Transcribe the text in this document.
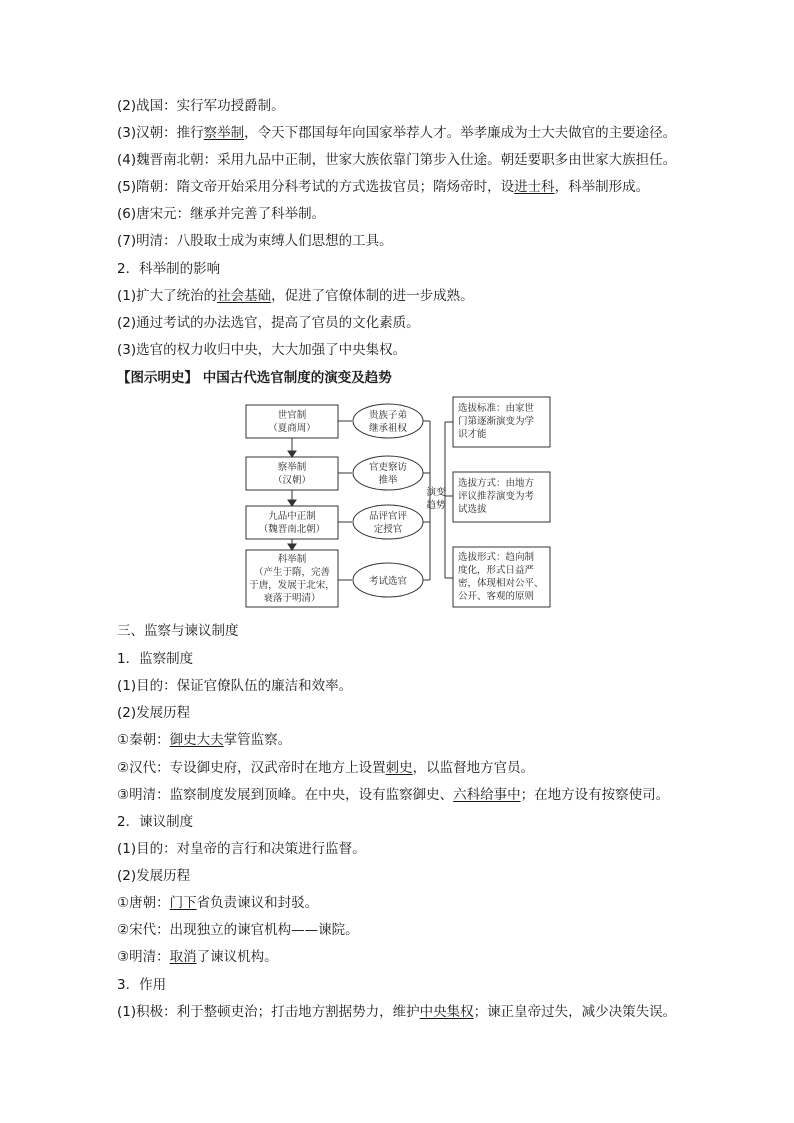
(2)战国：实行军功授爵制。
(3)汉朝：推行察举制，令天下郡国每年向国家举荐人才。举孝廉成为士大夫做官的主要途径。
(4)魏晋南北朝：采用九品中正制，世家大族依靠门第步入仕途。朝廷要职多由世家大族担任。
(5)隋朝：隋文帝开始采用分科考试的方式选拔官员；隋炀帝时，设进士科，科举制形成。
(6)唐宋元：继承并完善了科举制。
(7)明清：八股取士成为束缚人们思想的工具。
2．科举制的影响
(1)扩大了统治的社会基础，促进了官僚体制的进一步成熟。
(2)通过考试的办法选官，提高了官员的文化素质。
(3)选官的权力收归中央，大大加强了中央集权。
【图示明史】 中国古代选官制度的演变及趋势
世官制
（夏商周）
察举制
（汉朝）
九品中正制
（魏晋南北朝）
科举制
（产生于隋，完善
于唐，发展于北宋，
衰落于明清）
贵族子弟
继承祖权
官吏察访
推举
品评官评
定授官
考试选官
演变
趋势
选拔标准：由家世
门第逐渐演变为学
识才能
选拔方式：由地方
评议推荐演变为考
试选拔
选拔形式：趋向制
度化，形式日益严
密，体现相对公平、
公开、客观的原则
三、监察与谏议制度
1．监察制度
(1)目的：保证官僚队伍的廉洁和效率。
(2)发展历程
①秦朝：御史大夫掌管监察。
②汉代：专设御史府，汉武帝时在地方上设置刺史，以监督地方官员。
③明清：监察制度发展到顶峰。在中央，设有监察御史、六科给事中；在地方设有按察使司。
2．谏议制度
(1)目的：对皇帝的言行和决策进行监督。
(2)发展历程
①唐朝：门下省负责谏议和封驳。
②宋代：出现独立的谏官机构——谏院。
③明清：取消了谏议机构。
3．作用
(1)积极：利于整顿吏治；打击地方割据势力，维护中央集权；谏正皇帝过失，减少决策失误。
